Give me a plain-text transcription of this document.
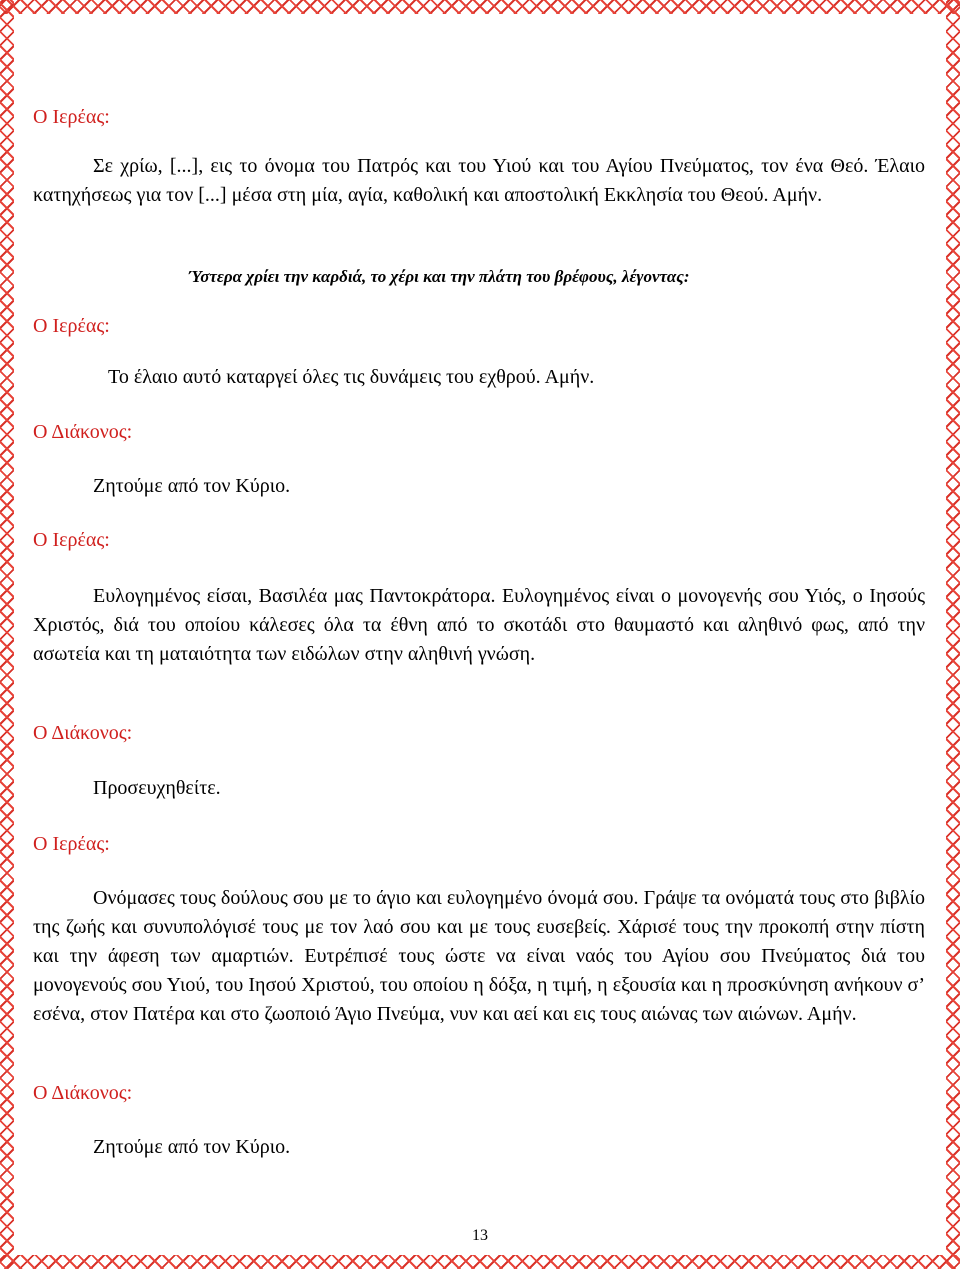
Ο Ιερέας:

Σε χρίω, [...], εις το όνομα του Πατρός και του Υιού και του Αγίου Πνεύματος, τον ένα Θεό. Έλαιο κατηχήσεως για τον [...] μέσα στη μία, αγία, καθολική και αποστολική Εκκλησία του Θεού. Αμήν.

Ύστερα χρίει την καρδιά, το χέρι και την πλάτη του βρέφους, λέγοντας:
Ο Ιερέας:
Το έλαιο αυτό καταργεί όλες τις δυνάμεις του εχθρού. Αμήν.
Ο Διάκονος:
Ζητούμε από τον Κύριο.
Ο Ιερέας:

Ευλογημένος είσαι, Βασιλέα μας Παντοκράτορα. Ευλογημένος είναι ο μονογενής σου Υιός, ο Ιησούς Χριστός, διά του οποίου κάλεσες όλα τα έθνη από το σκοτάδι στο θαυμαστό και αληθινό φως, από την ασωτεία και τη ματαιότητα των ειδώλων στην αληθινή γνώση.

Ο Διάκονος:
Προσευχηθείτε.
Ο Ιερέας:

Ονόμασες τους δούλους σου με το άγιο και ευλογημένο όνομά σου. Γράψε τα ονόματά τους στο βιβλίο της ζωής και συνυπολόγισέ τους με τον λαό σου και με τους ευσεβείς. Χάρισέ τους την προκοπή στην πίστη και την άφεση των αμαρτιών. Ευτρέπισέ τους ώστε να είναι ναός του Αγίου σου Πνεύματος διά του μονογενούς σου Υιού, του Ιησού Χριστού, του οποίου η δόξα, η τιμή, η εξουσία και η προσκύνηση ανήκουν σ’ εσένα, στον Πατέρα και στο ζωοποιό Άγιο Πνεύμα, νυν και αεί και εις τους αιώνας των αιώνων. Αμήν.

Ο Διάκονος:
Ζητούμε από τον Κύριο.
13
